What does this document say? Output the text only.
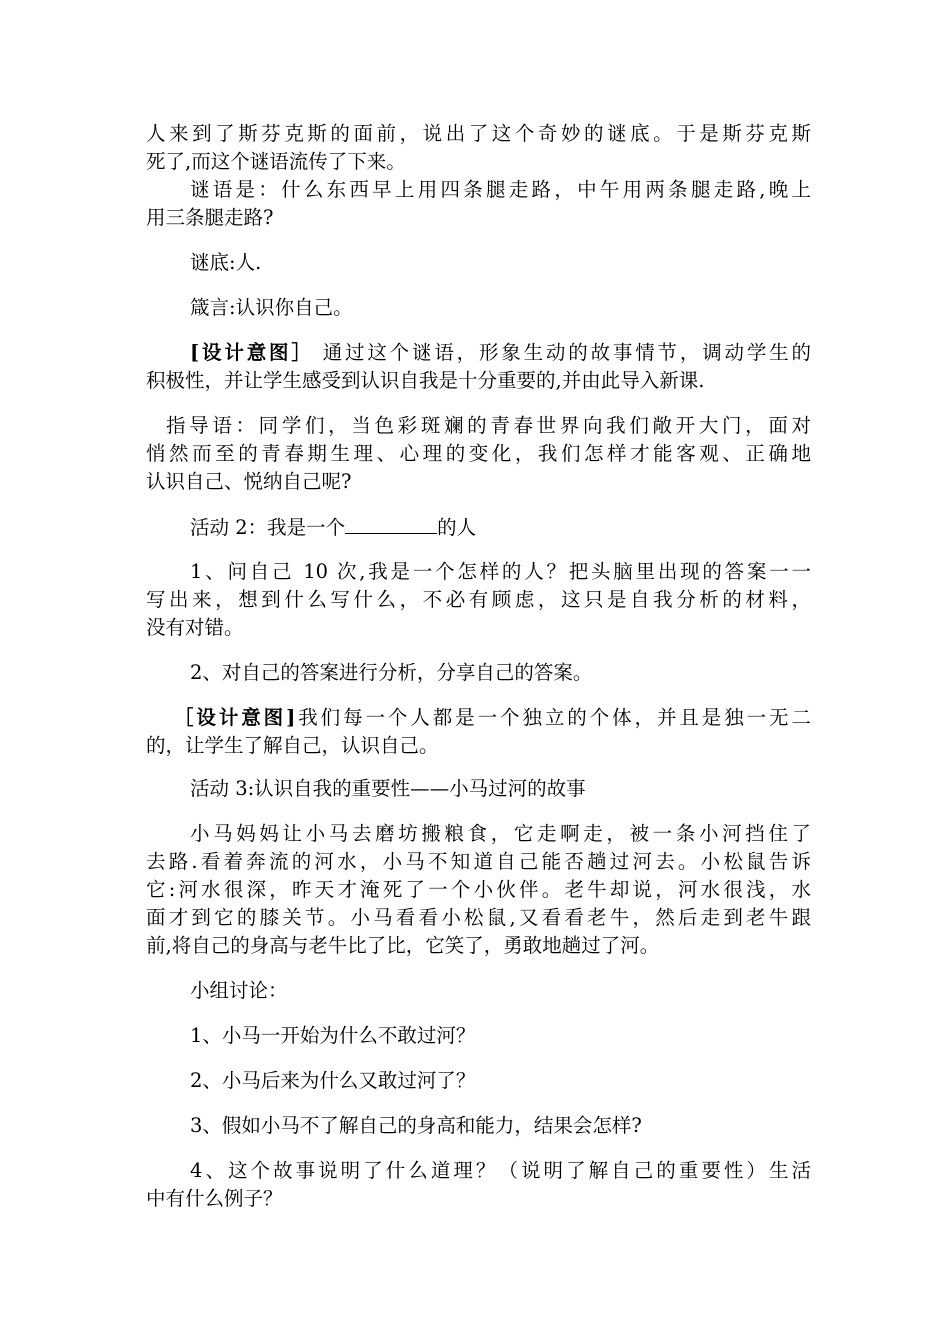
人来到了斯芬克斯的面前，说出了这个奇妙的谜底。于是斯芬克斯
死了,而这个谜语流传了下来。
谜语是：什么东西早上用四条腿走路，中午用两条腿走路,晚上
用三条腿走路?
谜底:人.
箴言:认识你自己。
[设计意图］ 通过这个谜语，形象生动的故事情节，调动学生的
积极性，并让学生感受到认识自我是十分重要的,并由此导入新课.
指导语：同学们，当色彩斑斓的青春世界向我们敞开大门，面对
悄然而至的青春期生理、心理的变化，我们怎样才能客观、正确地
认识自己、悦纳自己呢?
活动 2：我是一个	的人
1、问自己 10 次,我是一个怎样的人？把头脑里出现的答案一一
写出来，想到什么写什么，不必有顾虑，这只是自我分析的材料，
没有对错。
2、对自己的答案进行分析，分享自己的答案。
［设计意图]我们每一个人都是一个独立的个体，并且是独一无二
的，让学生了解自己，认识自己。
活动 3:认识自我的重要性——小马过河的故事
小马妈妈让小马去磨坊搬粮食，它走啊走，被一条小河挡住了
去路.看着奔流的河水，小马不知道自己能否趟过河去。小松鼠告诉
它:河水很深，昨天才淹死了一个小伙伴。老牛却说，河水很浅，水
面才到它的膝关节。小马看看小松鼠,又看看老牛，然后走到老牛跟
前,将自己的身高与老牛比了比，它笑了，勇敢地趟过了河。
小组讨论：
1、小马一开始为什么不敢过河？
2、小马后来为什么又敢过河了？
3、假如小马不了解自己的身高和能力，结果会怎样?
4、这个故事说明了什么道理？（说明了解自己的重要性）生活
中有什么例子？
